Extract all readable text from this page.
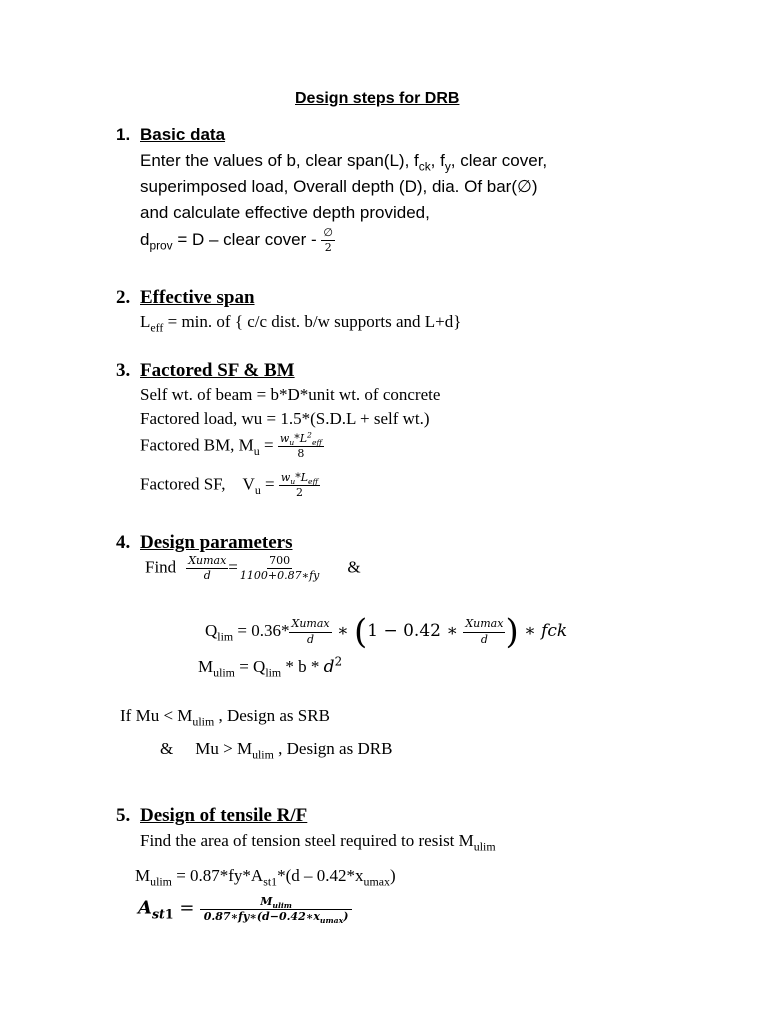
Design steps for DRB
1. Basic data
Enter the values of b, clear span(L), $f_{ck}$, $f_y$, clear cover,
superimposed load, Overall depth (D), dia. Of bar(∅)
and calculate effective depth provided,
$d_{prov} = D$ – clear cover - $\frac{\emptyset}{2}$
2. Effective span
$L_{eff} = \min$. of { c/c dist. b/w supports and L+d}
3. Factored SF & BM
Self wt. of beam = b*D*unit wt. of concrete
Factored load, wu = 1.5*(S.D.L + self wt.)
Factored BM, $M_u = \frac{w_u*L^2_{eff}}{8}$
Factored SF, $V_u = \frac{w_u*L_{eff}}{2}$
4. Design parameters
Find $\frac{Xumax}{d} = \frac{700}{1100+0.87∗fy}$ &
$Q_{lim} = 0.36* \frac{Xumax}{d}$ ∗ (1 − 0.42 ∗ $\frac{Xumax}{d}$ ) ∗ fck
$M_{ulim} = Q_{lim} * b * d^2$
If $Mu < M_{ulim}$ , Design as SRB
& $Mu > M_{ulim}$ , Design as DRB
5. Design of tensile R/F
Find the area of tension steel required to resist $M_{ulim}$
$M_{ulim} = 0.87*fy*A_{st1}*(d - 0.42*x_{umax})$
$A_{st1} = \frac{M_{ulim}}{0.87∗fy∗(d-0.42∗x_{umax})}$
